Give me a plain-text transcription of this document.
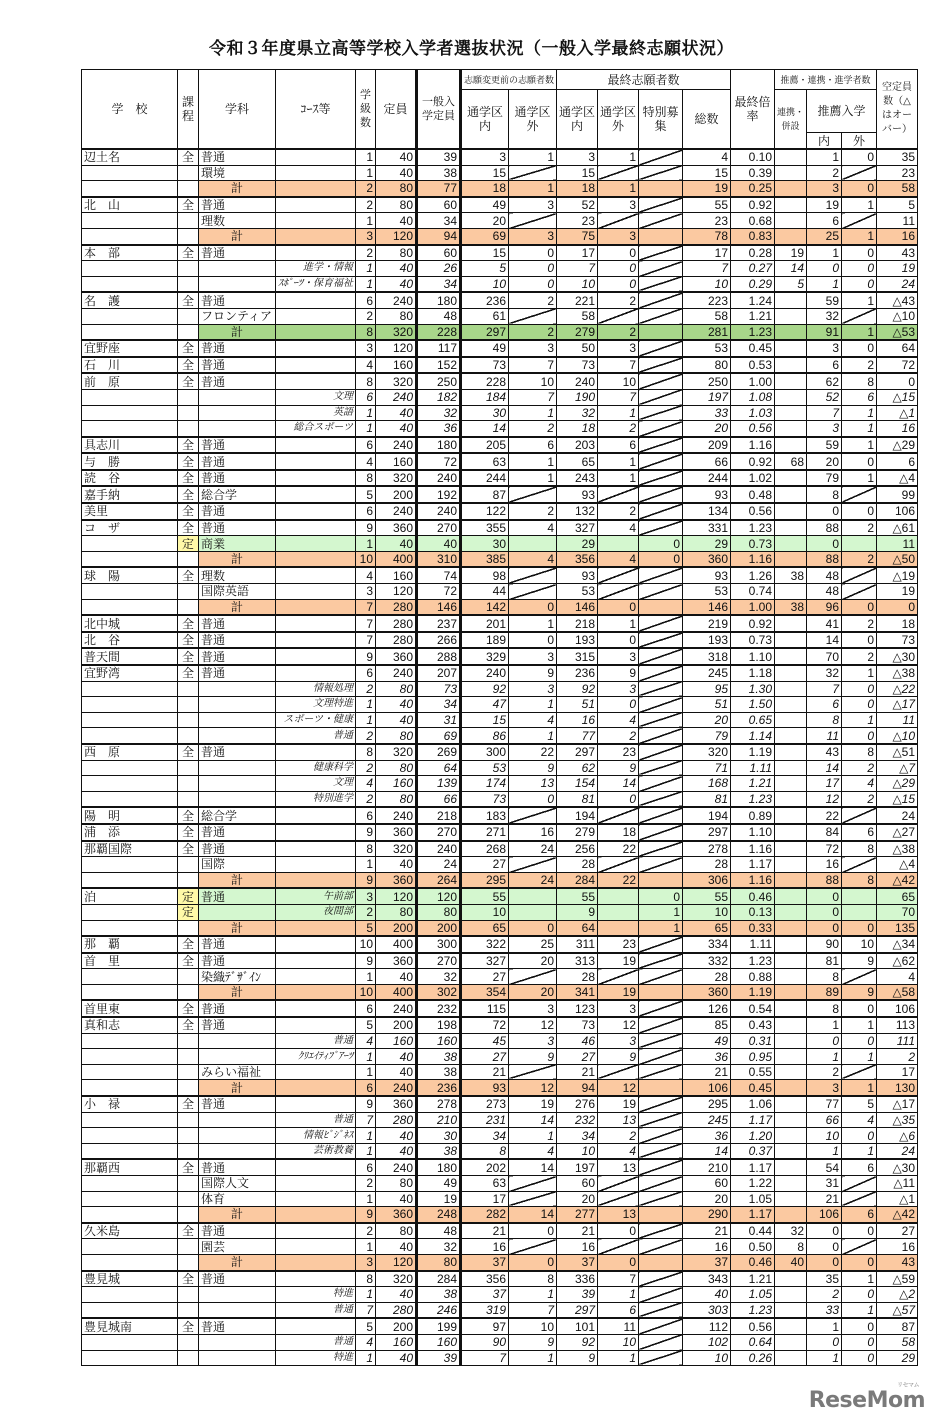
令和３年度県立高等学校入学者選抜状況（一般入学最終志願状況）
学　校	課程	学科	ｺｰｽ等	学級数	定員	一般入学定員	志願変更前の志願者数		最終志願者数				最終倍率	推薦・連携・進学者数			空定員数（△はオーバー）
							通学区内	通学区外	通学区内	通学区外	特別募集	総数		連携・併設	推薦入学		
															内	外	
辺土名	全	普通		1	40	39	3	1	3	1		4	0.10		1	0	35
		環境		1	40	38	15		15			15	0.39		2		23
		計		2	80	77	18	1	18	1		19	0.25		3	0	58
北　山	全	普通		2	80	60	49	3	52	3		55	0.92		19	1	5
		理数		1	40	34	20		23			23	0.68		6		11
		計		3	120	94	69	3	75	3		78	0.83		25	1	16
本　部	全	普通		2	80	60	15	0	17	0		17	0.28	19	1	0	43
			進学・情報	1	40	26	5	0	7	0		7	0.27	14	0	0	19
			ｽﾎﾟｰﾂ・保育福祉	1	40	34	10	0	10	0		10	0.29	5	1	0	24
名　護	全	普通		6	240	180	236	2	221	2		223	1.24		59	1	△43
		フロンティア		2	80	48	61		58			58	1.21		32		△10
		計		8	320	228	297	2	279	2		281	1.23		91	1	△53
宜野座	全	普通		3	120	117	49	3	50	3		53	0.45		3	0	64
石　川	全	普通		4	160	152	73	7	73	7		80	0.53		6	2	72
前　原	全	普通		8	320	250	228	10	240	10		250	1.00		62	8	0
			文理	6	240	182	184	7	190	7		197	1.08		52	6	△15
			英語	1	40	32	30	1	32	1		33	1.03		7	1	△1
			総合スポーツ	1	40	36	14	2	18	2		20	0.56		3	1	16
具志川	全	普通		6	240	180	205	6	203	6		209	1.16		59	1	△29
与　勝	全	普通		4	160	72	63	1	65	1		66	0.92	68	20	0	6
読　谷	全	普通		8	320	240	244	1	243	1		244	1.02		79	1	△4
嘉手納	全	総合学		5	200	192	87		93			93	0.48		8		99
美里	全	普通		6	240	240	122	2	132	2		134	0.56		0	0	106
コ　ザ	全	普通		9	360	270	355	4	327	4		331	1.23		88	2	△61
	定	商業		1	40	40	30		29		0	29	0.73		0		11
		計		10	400	310	385	4	356	4	0	360	1.16		88	2	△50
球　陽	全	理数		4	160	74	98		93			93	1.26	38	48		△19
		国際英語		3	120	72	44		53			53	0.74		48		19
		計		7	280	146	142	0	146	0		146	1.00	38	96	0	0
北中城	全	普通		7	280	237	201	1	218	1		219	0.92		41	2	18
北　谷	全	普通		7	280	266	189	0	193	0		193	0.73		14	0	73
普天間	全	普通		9	360	288	329	3	315	3		318	1.10		70	2	△30
宜野湾	全	普通		6	240	207	240	9	236	9		245	1.18		32	1	△38
			情報処理	2	80	73	92	3	92	3		95	1.30		7	0	△22
			文理特進	1	40	34	47	1	51	0		51	1.50		6	0	△17
			スポーツ・健康	1	40	31	15	4	16	4		20	0.65		8	1	11
			普通	2	80	69	86	1	77	2		79	1.14		11	0	△10
西　原	全	普通		8	320	269	300	22	297	23		320	1.19		43	8	△51
			健康科学	2	80	64	53	9	62	9		71	1.11		14	2	△7
			文理	4	160	139	174	13	154	14		168	1.21		17	4	△29
			特別進学	2	80	66	73	0	81	0		81	1.23		12	2	△15
陽　明	全	総合学		6	240	218	183		194			194	0.89		22		24
浦　添	全	普通		9	360	270	271	16	279	18		297	1.10		84	6	△27
那覇国際	全	普通		8	320	240	268	24	256	22		278	1.16		72	8	△38
		国際		1	40	24	27		28			28	1.17		16		△4
		計		9	360	264	295	24	284	22		306	1.16		88	8	△42
泊	定	普通	午前部	3	120	120	55		55		0	55	0.46		0		65
	定		夜間部	2	80	80	10		9		1	10	0.13		0		70
		計		5	200	200	65	0	64		1	65	0.33		0	0	135
那　覇	全	普通		10	400	300	322	25	311	23		334	1.11		90	10	△34
首　里	全	普通		9	360	270	327	20	313	19		332	1.23		81	9	△62
		染織ﾃﾞｻﾞｲﾝ		1	40	32	27		28			28	0.88		8		4
		計		10	400	302	354	20	341	19		360	1.19		89	9	△58
首里東	全	普通		6	240	232	115	3	123	3		126	0.54		8	0	106
真和志	全	普通		5	200	198	72	12	73	12		85	0.43		1	1	113
			普通	4	160	160	45	3	46	3		49	0.31		0	0	111
			ｸﾘｴｲﾃｨﾌﾞｱｰﾂ	1	40	38	27	9	27	9		36	0.95		1	1	2
		みらい福祉		1	40	38	21		21			21	0.55		2		17
		計		6	240	236	93	12	94	12		106	0.45		3	1	130
小　禄	全	普通		9	360	278	273	19	276	19		295	1.06		77	5	△17
			普通	7	280	210	231	14	232	13		245	1.17		66	4	△35
			情報ﾋﾞｼﾞﾈｽ	1	40	30	34	1	34	2		36	1.20		10	0	△6
			芸術教養	1	40	38	8	4	10	4		14	0.37		1	1	24
那覇西	全	普通		6	240	180	202	14	197	13		210	1.17		54	6	△30
		国際人文		2	80	49	63		60			60	1.22		31		△11
		体育		1	40	19	17		20			20	1.05		21		△1
		計		9	360	248	282	14	277	13		290	1.17		106	6	△42
久米島	全	普通		2	80	48	21	0	21	0		21	0.44	32	0	0	27
		園芸		1	40	32	16		16			16	0.50	8	0		16
		計		3	120	80	37	0	37	0		37	0.46	40	0	0	43
豊見城	全	普通		8	320	284	356	8	336	7		343	1.21		35	1	△59
			特進	1	40	38	37	1	39	1		40	1.05		2	0	△2
			普通	7	280	246	319	7	297	6		303	1.23		33	1	△57
豊見城南	全	普通		5	200	199	97	10	101	11		112	0.56		1	0	87
			普通	4	160	160	90	9	92	10		102	0.64		0	0	58
			特進	1	40	39	7	1	9	1		10	0.26		1	0	29
リセマム
ReseMom
